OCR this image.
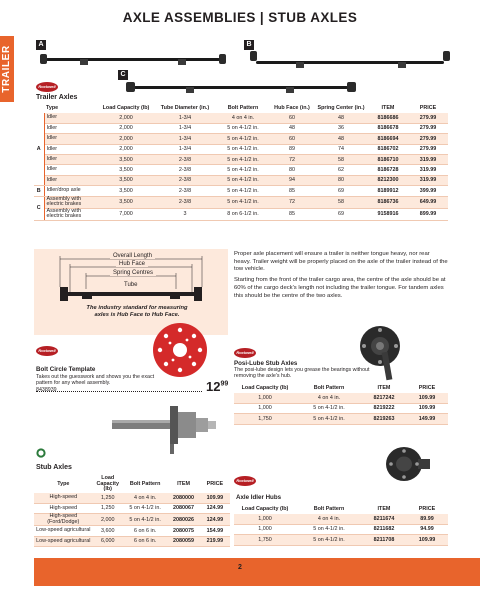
TRAILER
AXLE ASSEMBLIES | STUB AXLES
A	B
C
Rockwell
Trailer Axles
	Type	Load Capacity (lb)	Tube Diameter (in.)	Bolt Pattern	Hub Face (in.)	Spring Center (in.)	ITEM	PRICE
A	Idler	2,000	1-3/4	4 on 4 in.	60	48	8186686	279.99
	Idler	2,000	1-3/4	5 on 4-1/2 in.	48	36	8186678	279.99
	Idler	2,000	1-3/4	5 on 4-1/2 in.	60	48	8186694	279.99
	Idler	2,000	1-3/4	5 on 4-1/2 in.	89	74	8186702	279.99
	Idler	3,500	2-3/8	5 on 4-1/2 in.	72	58	8186710	319.99
	Idler	3,500	2-3/8	5 on 4-1/2 in.	80	62	8186728	319.99
	Idler	3,500	2-3/8	5 on 4-1/2 in.	94	80	8212300	319.99
B	Idler/drop axle	3,500	2-3/8	5 on 4-1/2 in.	85	69	8189912	399.99
C	Assembly with electric brakes	3,500	2-3/8	5 on 4-1/2 in.	72	58	8186736	649.99
	Assembly with electric brakes	7,000	3	8 on 6-1/2 in.	85	69	9158916	899.99
Overall Length
Hub Face
Spring Centres
Tube
The industry standard for measuring axles is Hub Face to Hub Face.

Proper axle placement will ensure a trailer is neither tongue heavy, nor rear heavy. Trailer weight will be properly placed on the axle of the trailer instead of the tow vehicle.

Starting from the front of the trailer cargo area, the centre of the axle should be at 60% of the cargo deck's length not including the trailer tongue. For tandem axles this should be the centre of the two axles.

Rockwell
Bolt Circle Template
Takes out the guesswork and shows you the exact pattern for any wheel assembly.
8438939	$12^{99}$
Rockwell
Posi-Lube Stub Axles
The posi-lube design lets you grease the bearings without removing the axle's hub.
Load Capacity (lb)	Bolt Pattern	ITEM	PRICE
1,000	4 on 4 in.	8217242	109.99
1,000	5 on 4-1/2 in.	8219222	109.99
1,750	5 on 4-1/2 in.	8219263	149.99
Stub Axles
Type	Load Capacity (lb)	Bolt Pattern	ITEM	PRICE
High-speed	1,250	4 on 4 in.	2080000	109.99
High-speed	1,250	5 on 4-1/2 in.	2080067	124.99
High-speed (Ford/Dodge)	2,000	5 on 4-1/2 in.	2080026	124.99
Low-speed agricultural	3,600	6 on 6 in.	2080075	154.99
Low-speed agricultural	6,000	6 on 6 in.	2080059	219.99
Rockwell
Axle Idler Hubs
Load Capacity (lb)	Bolt Pattern	ITEM	PRICE
1,000	4 on 4 in.	8211674	89.99
1,000	5 on 4-1/2 in.	8211682	94.99
1,750	5 on 4-1/2 in.	8211708	109.99
2
